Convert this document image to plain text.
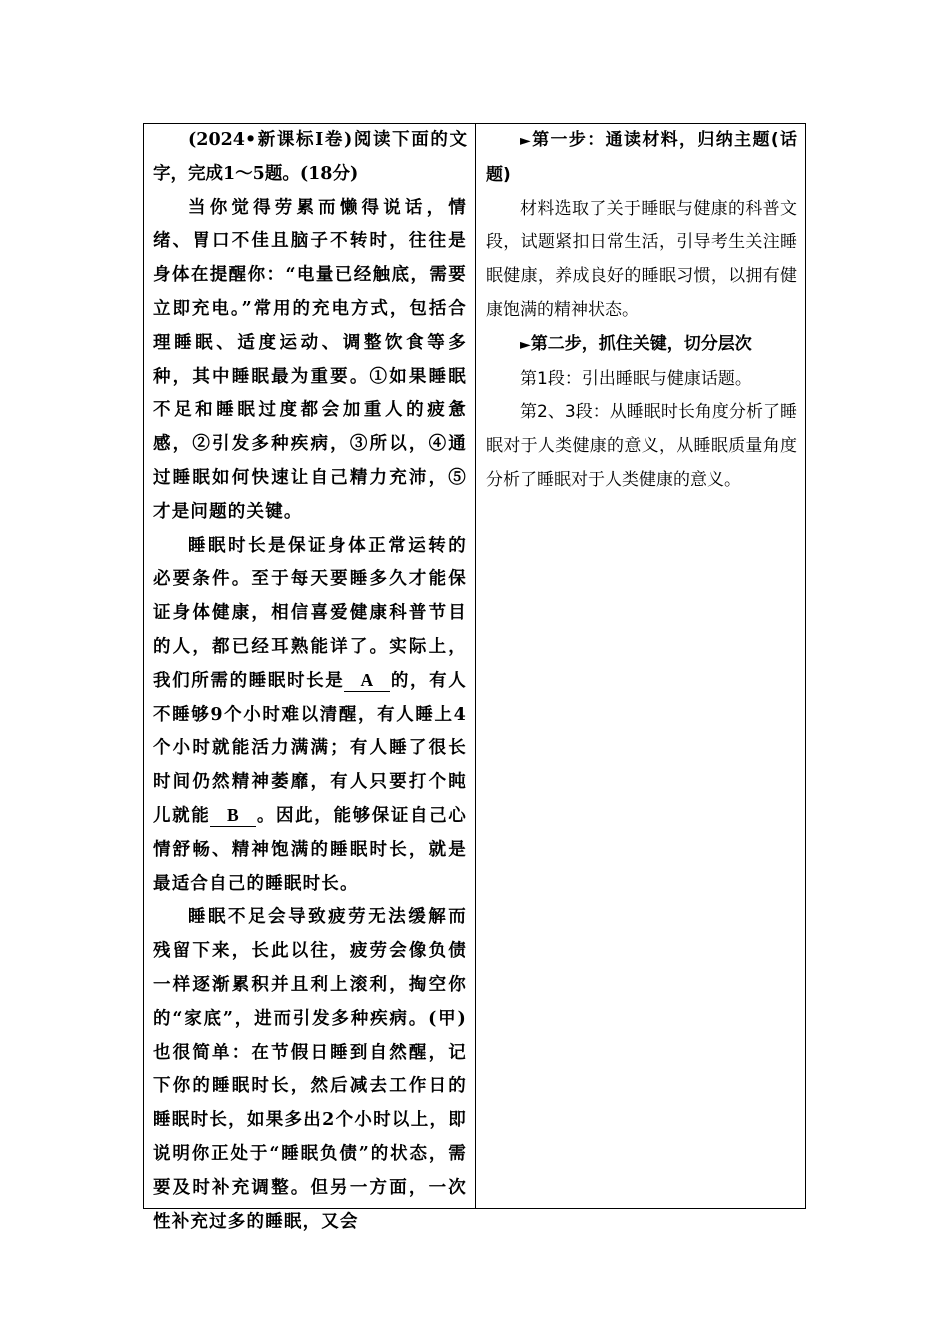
(2024•新课标Ⅰ卷)阅读下面的文字，完成1～5题。(18分)

当你觉得劳累而懒得说话，情绪、胃口不佳且脑子不转时，往往是身体在提醒你：“电量已经触底，需要立即充电。”常用的充电方式，包括合理睡眠、适度运动、调整饮食等多种，其中睡眠最为重要。①如果睡眠不足和睡眠过度都会加重人的疲惫感，②引发多种疾病，③所以，④通过睡眠如何快速让自己精力充沛，⑤才是问题的关键。

睡眠时长是保证身体正常运转的必要条件。至于每天要睡多久才能保证身体健康，相信喜爱健康科普节目的人，都已经耳熟能详了。实际上，我们所需的睡眠时长是 A 的，有人不睡够9个小时难以清醒，有人睡上4个小时就能活力满满；有人睡了很长时间仍然精神萎靡，有人只要打个盹儿就能 B 。因此，能够保证自己心情舒畅、精神饱满的睡眠时长，就是最适合自己的睡眠时长。

睡眠不足会导致疲劳无法缓解而残留下来，长此以往，疲劳会像负债一样逐渐累积并且利上滚利，掏空你的“家底”，进而引发多种疾病。(甲)也很简单：在节假日睡到自然醒，记下你的睡眠时长，然后减去工作日的睡眠时长，如果多出2个小时以上，即说明你正处于“睡眠负债”的状态，需要及时补充调整。但另一方面，一次性补充过多的睡眠，又会

►第一步：通读材料，归纳主题(话题)

材料选取了关于睡眠与健康的科普文段，试题紧扣日常生活，引导考生关注睡眠健康，养成良好的睡眠习惯，以拥有健康饱满的精神状态。

►第二步，抓住关键，切分层次

第1段：引出睡眠与健康话题。

第2、3段：从睡眠时长角度分析了睡眠对于人类健康的意义，从睡眠质量角度分析了睡眠对于人类健康的意义。
